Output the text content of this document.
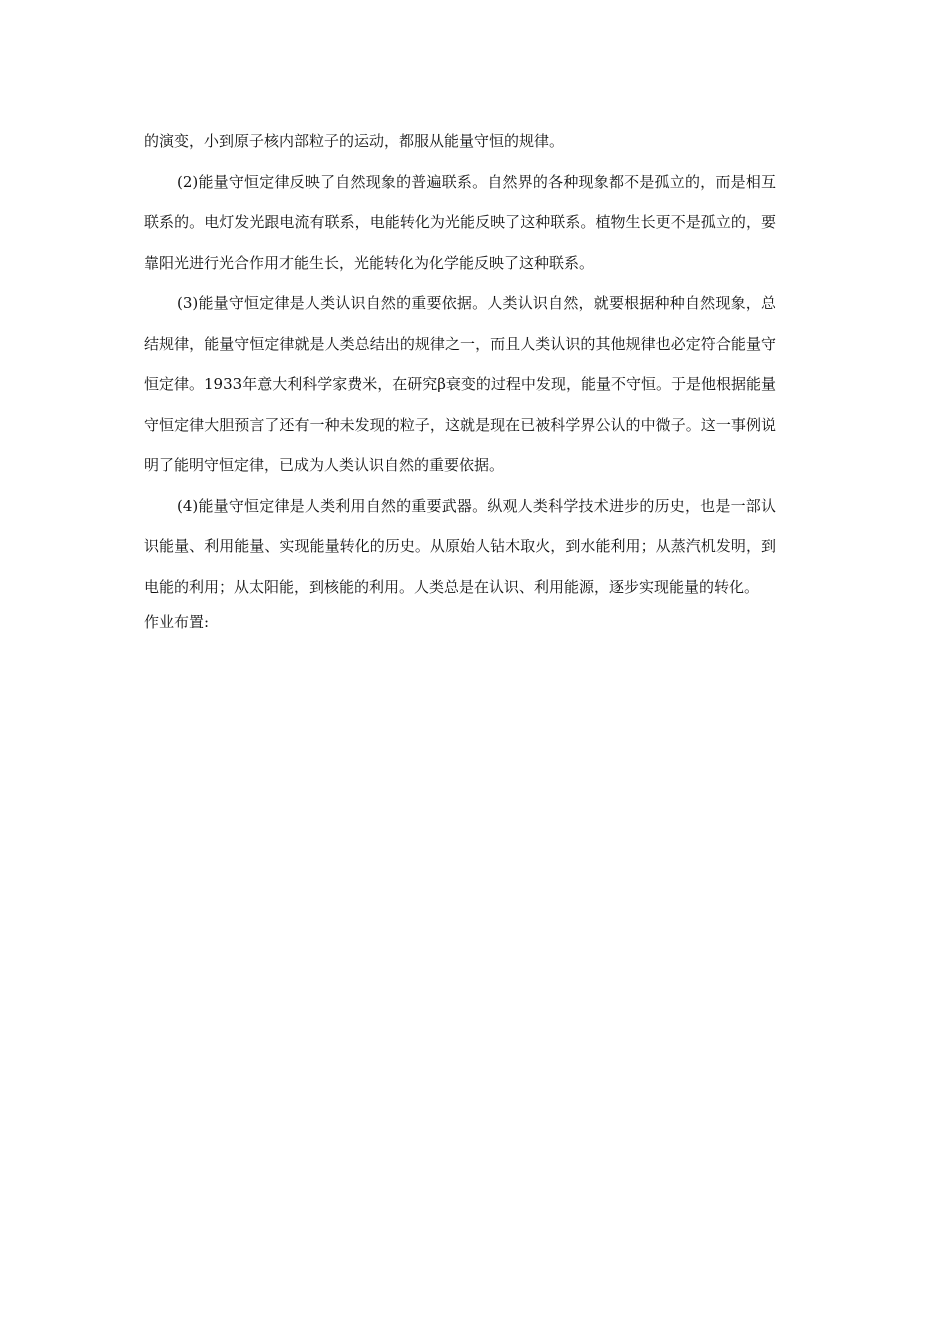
的演变，小到原子核内部粒子的运动，都服从能量守恒的规律。

(2)能量守恒定律反映了自然现象的普遍联系。自然界的各种现象都不是孤立的，而是相互联系的。电灯发光跟电流有联系，电能转化为光能反映了这种联系。植物生长更不是孤立的，要靠阳光进行光合作用才能生长，光能转化为化学能反映了这种联系。

(3)能量守恒定律是人类认识自然的重要依据。人类认识自然，就要根据种种自然现象，总结规律，能量守恒定律就是人类总结出的规律之一，而且人类认识的其他规律也必定符合能量守恒定律。1933年意大利科学家费米，在研究β衰变的过程中发现，能量不守恒。于是他根据能量守恒定律大胆预言了还有一种未发现的粒子，这就是现在已被科学界公认的中微子。这一事例说明了能明守恒定律，已成为人类认识自然的重要依据。

(4)能量守恒定律是人类利用自然的重要武器。纵观人类科学技术进步的历史，也是一部认识能量、利用能量、实现能量转化的历史。从原始人钻木取火，到水能利用；从蒸汽机发明，到电能的利用；从太阳能，到核能的利用。人类总是在认识、利用能源，逐步实现能量的转化。

作业布置:
